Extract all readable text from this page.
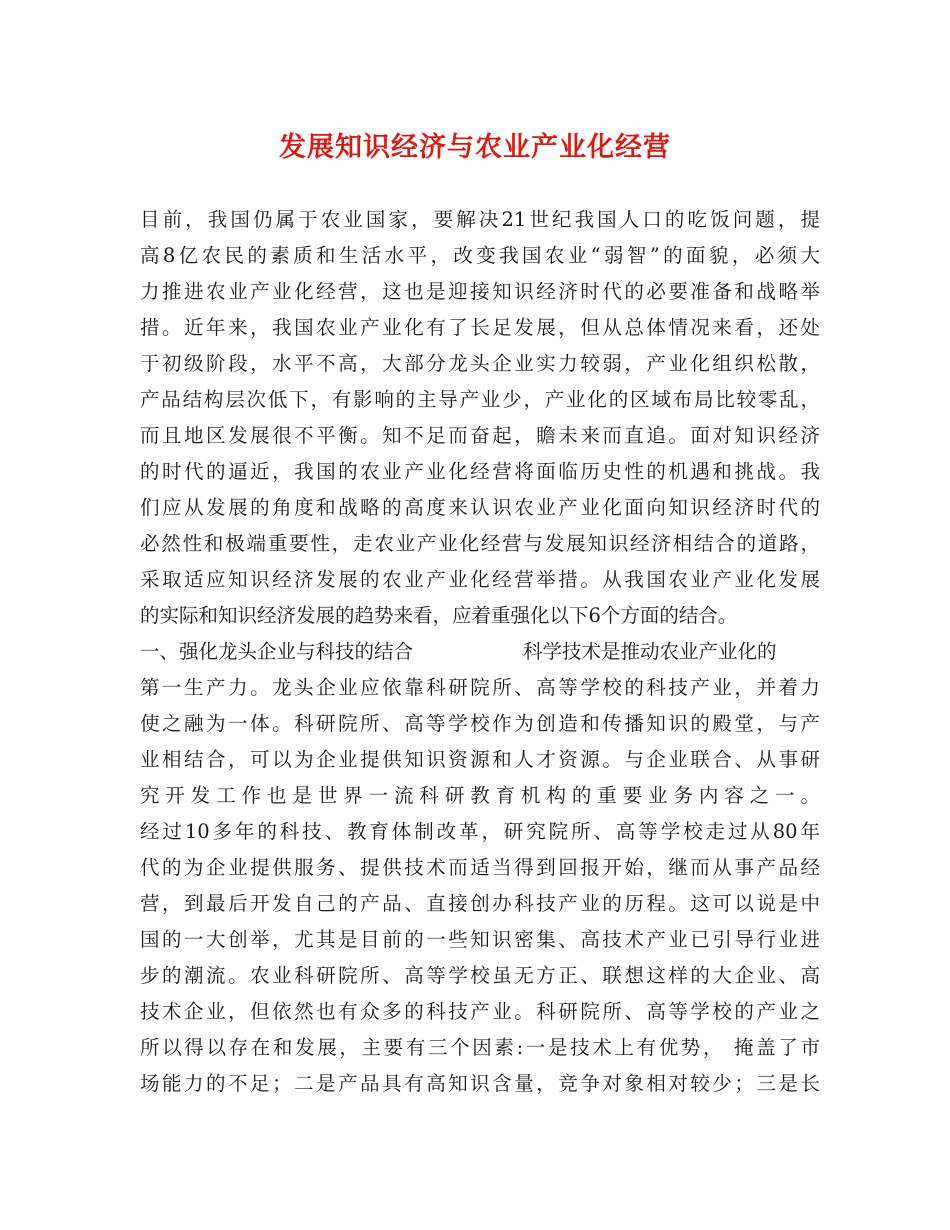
发展知识经济与农业产业化经营
目前，我国仍属于农业国家，要解决21世纪我国人口的吃饭问题，提
高8亿农民的素质和生活水平，改变我国农业“弱智”的面貌，必须大
力推进农业产业化经营，这也是迎接知识经济时代的必要准备和战略举
措。近年来，我国农业产业化有了长足发展，但从总体情况来看，还处
于初级阶段，水平不高，大部分龙头企业实力较弱，产业化组织松散，
产品结构层次低下，有影响的主导产业少，产业化的区域布局比较零乱，
而且地区发展很不平衡。知不足而奋起，瞻未来而直追。面对知识经济
的时代的逼近，我国的农业产业化经营将面临历史性的机遇和挑战。我
们应从发展的角度和战略的高度来认识农业产业化面向知识经济时代的
必然性和极端重要性，走农业产业化经营与发展知识经济相结合的道路，
采取适应知识经济发展的农业产业化经营举措。从我国农业产业化发展
的实际和知识经济发展的趋势来看，应着重强化以下6个方面的结合。
一、强化龙头企业与科技的结合	科学技术是推动农业产业化的
第一生产力。龙头企业应依靠科研院所、高等学校的科技产业，并着力
使之融为一体。科研院所、高等学校作为创造和传播知识的殿堂，与产
业相结合，可以为企业提供知识资源和人才资源。与企业联合、从事研
究开发工作也是世界一流科研教育机构的重要业务内容之一。
经过10多年的科技、教育体制改革，研究院所、高等学校走过从80年
代的为企业提供服务、提供技术而适当得到回报开始，继而从事产品经
营，到最后开发自己的产品、直接创办科技产业的历程。这可以说是中
国的一大创举，尤其是目前的一些知识密集、高技术产业已引导行业进
步的潮流。农业科研院所、高等学校虽无方正、联想这样的大企业、高
技术企业，但依然也有众多的科技产业。科研院所、高等学校的产业之
所以得以存在和发展，主要有三个因素:一是技术上有优势， 掩盖了市
场能力的不足；二是产品具有高知识含量，竞争对象相对较少；三是长
